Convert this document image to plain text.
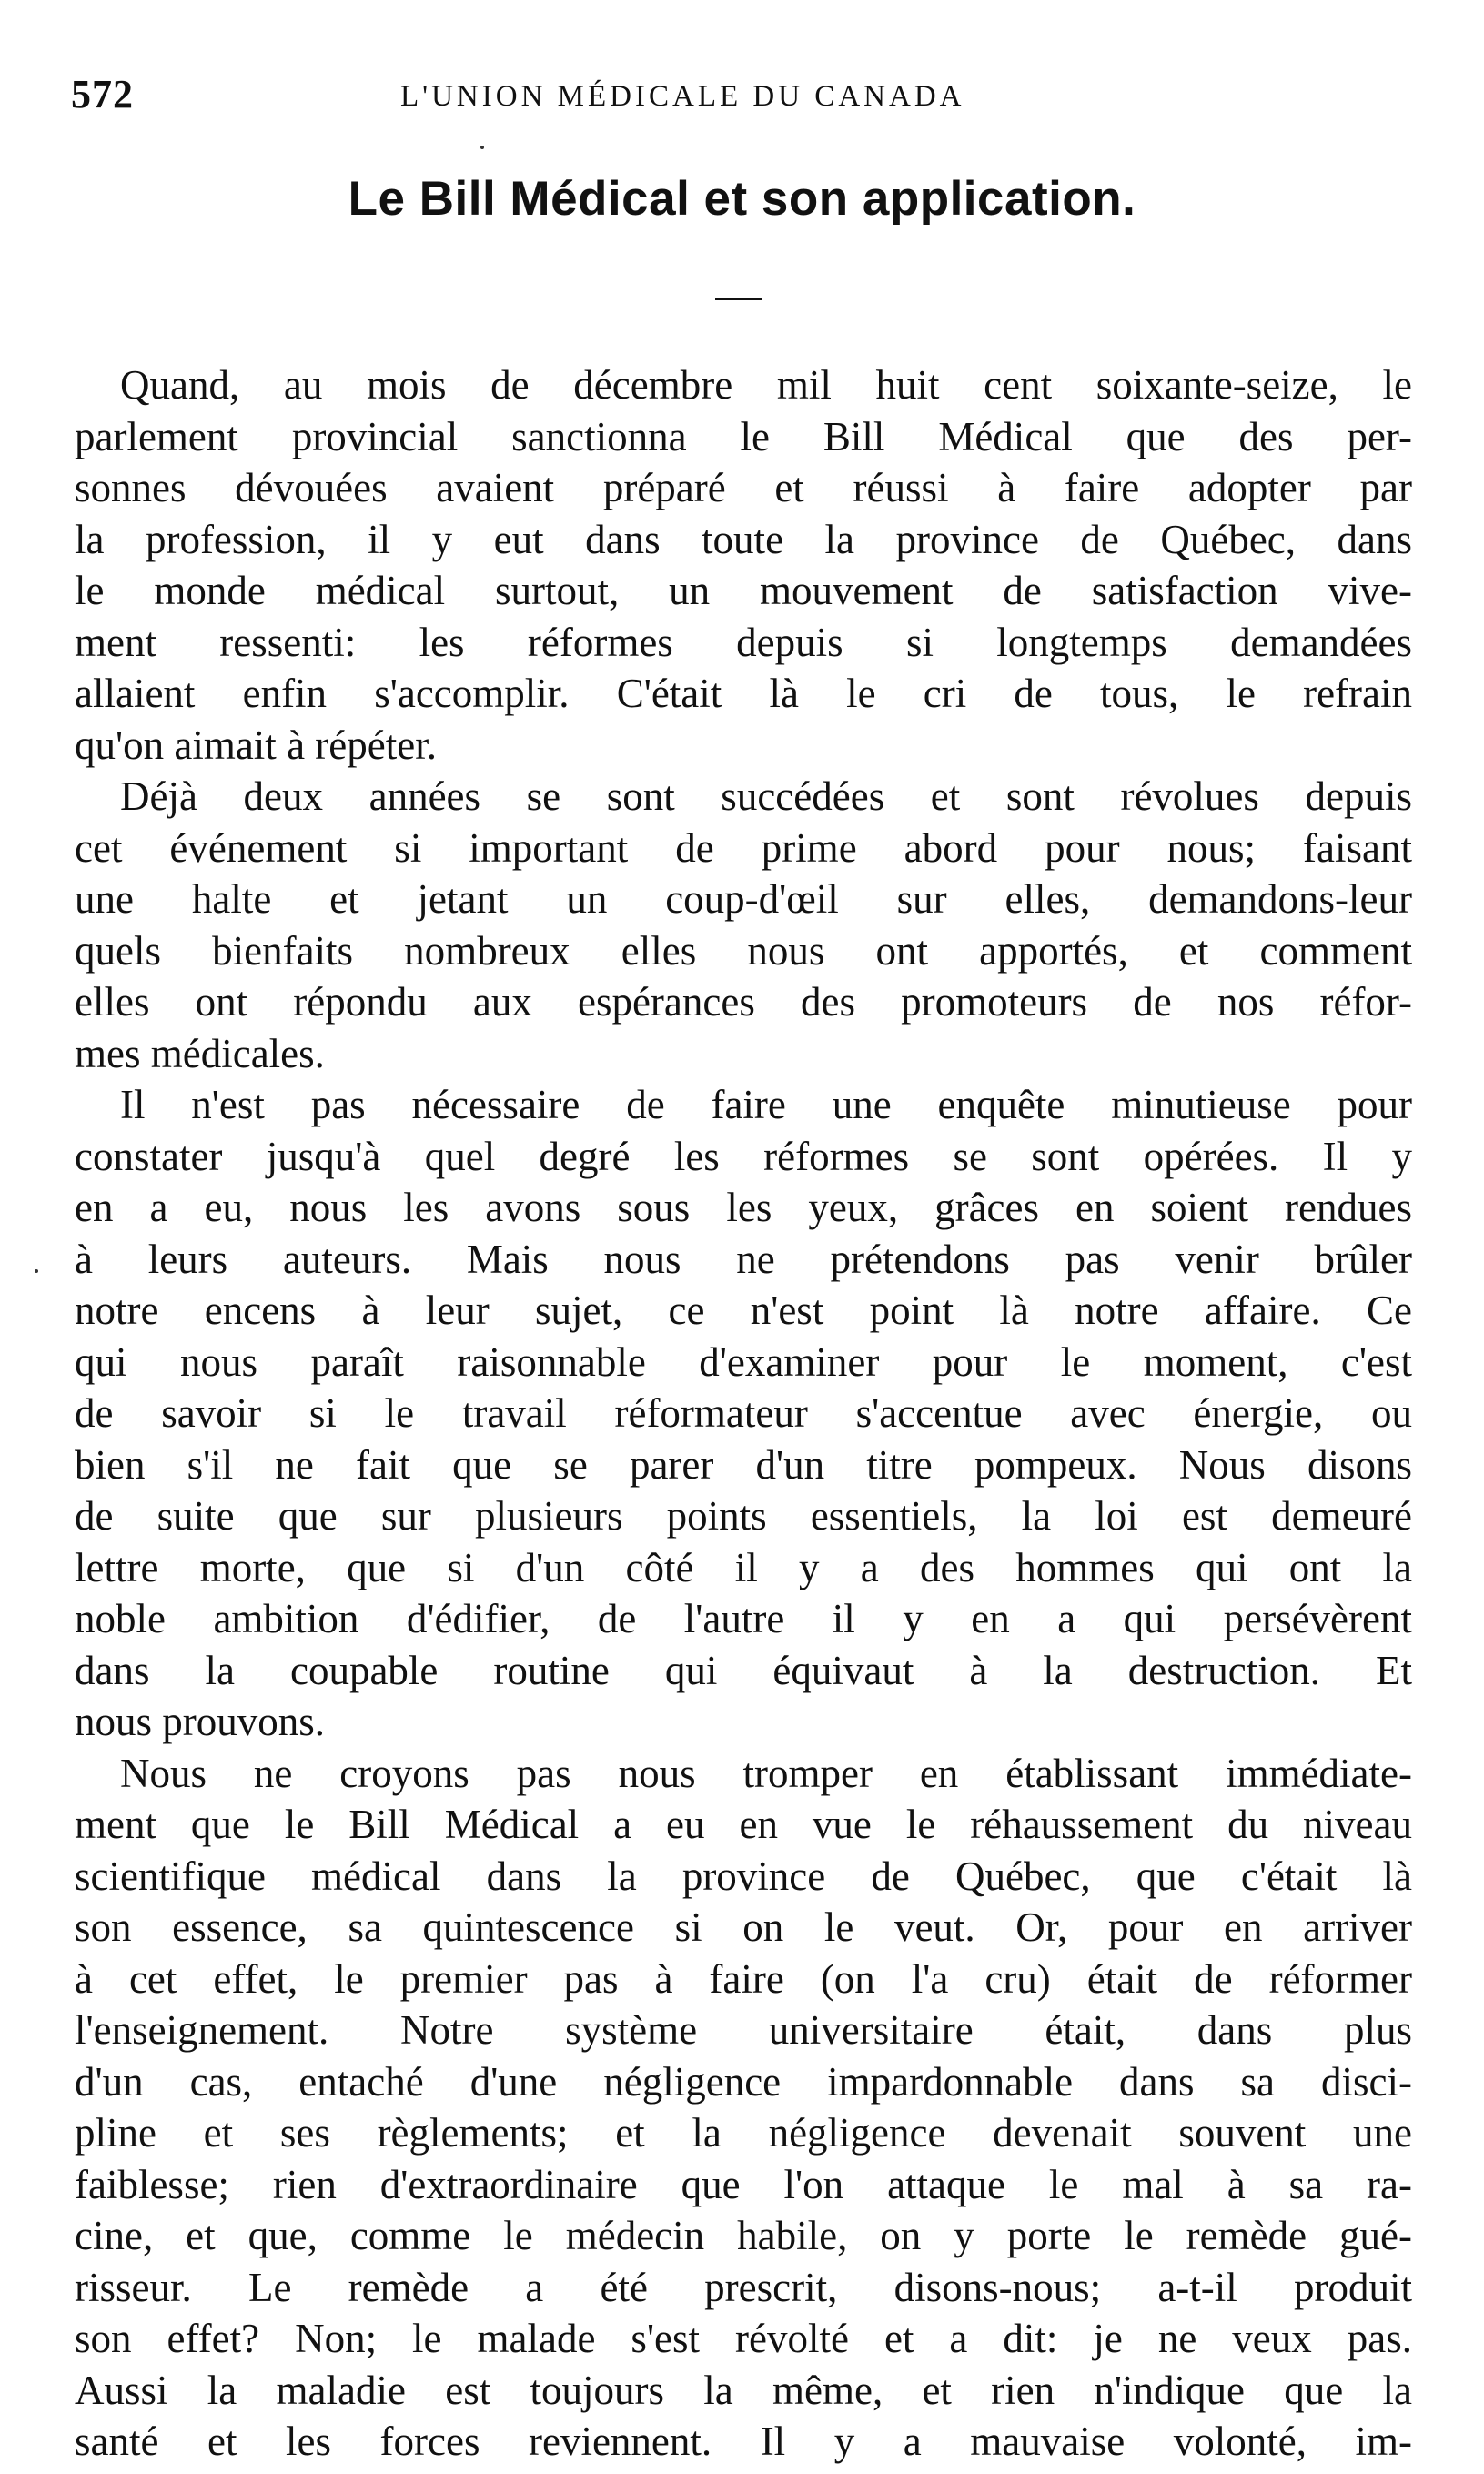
572	L'UNION MÉDICALE DU CANADA
Le Bill Médical et son application.
Quand, au mois de décembre mil huit cent soixante-seize, le
parlement provincial sanctionna le Bill Médical que des per-
sonnes dévouées avaient préparé et réussi à faire adopter par
la profession, il y eut dans toute la province de Québec, dans
le monde médical surtout, un mouvement de satisfaction vive-
ment ressenti: les réformes depuis si longtemps demandées
allaient enfin s'accomplir. C'était là le cri de tous, le refrain
qu'on aimait à répéter.
Déjà deux années se sont succédées et sont révolues depuis
cet événement si important de prime abord pour nous; faisant
une halte et jetant un coup-d'œil sur elles, demandons-leur
quels bienfaits nombreux elles nous ont apportés, et comment
elles ont répondu aux espérances des promoteurs de nos réfor-
mes médicales.
Il n'est pas nécessaire de faire une enquête minutieuse pour
constater jusqu'à quel degré les réformes se sont opérées. Il y
en a eu, nous les avons sous les yeux, grâces en soient rendues
à leurs auteurs. Mais nous ne prétendons pas venir brûler
notre encens à leur sujet, ce n'est point là notre affaire. Ce
qui nous paraît raisonnable d'examiner pour le moment, c'est
de savoir si le travail réformateur s'accentue avec énergie, ou
bien s'il ne fait que se parer d'un titre pompeux. Nous disons
de suite que sur plusieurs points essentiels, la loi est demeuré
lettre morte, que si d'un côté il y a des hommes qui ont la
noble ambition d'édifier, de l'autre il y en a qui persévèrent
dans la coupable routine qui équivaut à la destruction. Et
nous prouvons.
Nous ne croyons pas nous tromper en établissant immédiate-
ment que le Bill Médical a eu en vue le réhaussement du niveau
scientifique médical dans la province de Québec, que c'était là
son essence, sa quintescence si on le veut. Or, pour en arriver
à cet effet, le premier pas à faire (on l'a cru) était de réformer
l'enseignement. Notre système universitaire était, dans plus
d'un cas, entaché d'une négligence impardonnable dans sa disci-
pline et ses règlements; et la négligence devenait souvent une
faiblesse; rien d'extraordinaire que l'on attaque le mal à sa ra-
cine, et que, comme le médecin habile, on y porte le remède gué-
risseur. Le remède a été prescrit, disons-nous; a-t-il produit
son effet? Non; le malade s'est révolté et a dit: je ne veux pas.
Aussi la maladie est toujours la même, et rien n'indique que la
santé et les forces reviennent. Il y a mauvaise volonté, im-
